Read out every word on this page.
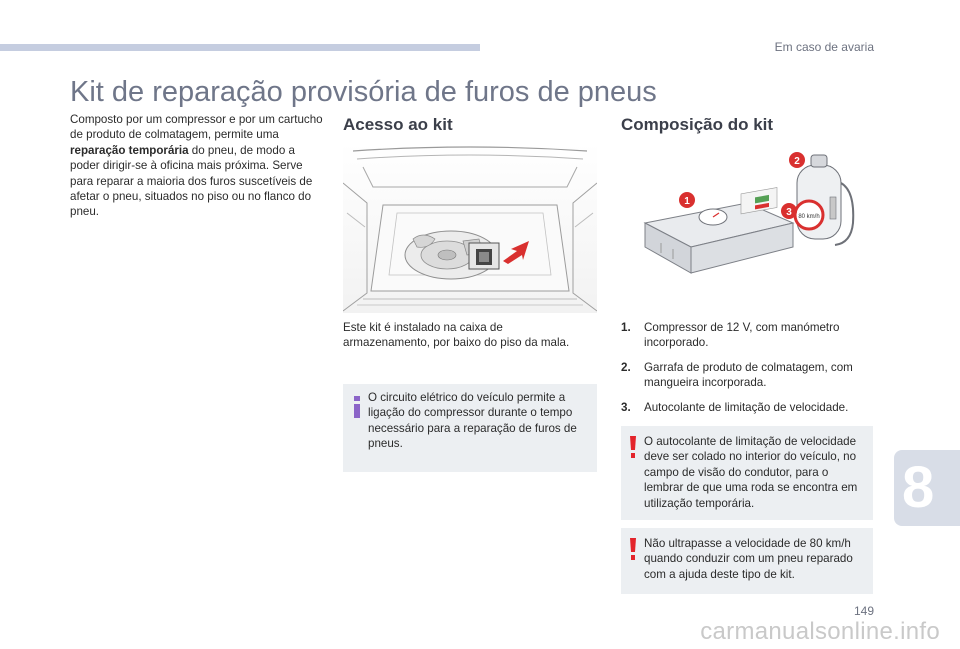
Em caso de avaria
Kit de reparação provisória de furos de pneus

Composto por um compressor e por um cartucho de produto de colmatagem, permite uma reparação temporária do pneu, de modo a poder dirigir-se à oficina mais próxima. Serve para reparar a maioria dos furos suscetíveis de afetar o pneu, situados no piso ou no flanco do pneu.

Acesso ao kit

Este kit é instalado na caixa de armazenamento, por baixo do piso da mala.

O circuito elétrico do veículo permite a ligação do compressor durante o tempo necessário para a reparação de furos de pneus.
Composição do kit
80 km/h
1
2
3
1. Compressor de 12 V, com manómetro incorporado.
2. Garrafa de produto de colmatagem, com mangueira incorporada.
3. Autocolante de limitação de velocidade.
O autocolante de limitação de velocidade deve ser colado no interior do veículo, no campo de visão do condutor, para o lembrar de que uma roda se encontra em utilização temporária.
Não ultrapasse a velocidade de 80 km/h quando conduzir com um pneu reparado com a ajuda deste tipo de kit.
8
149
carmanualsonline.info
